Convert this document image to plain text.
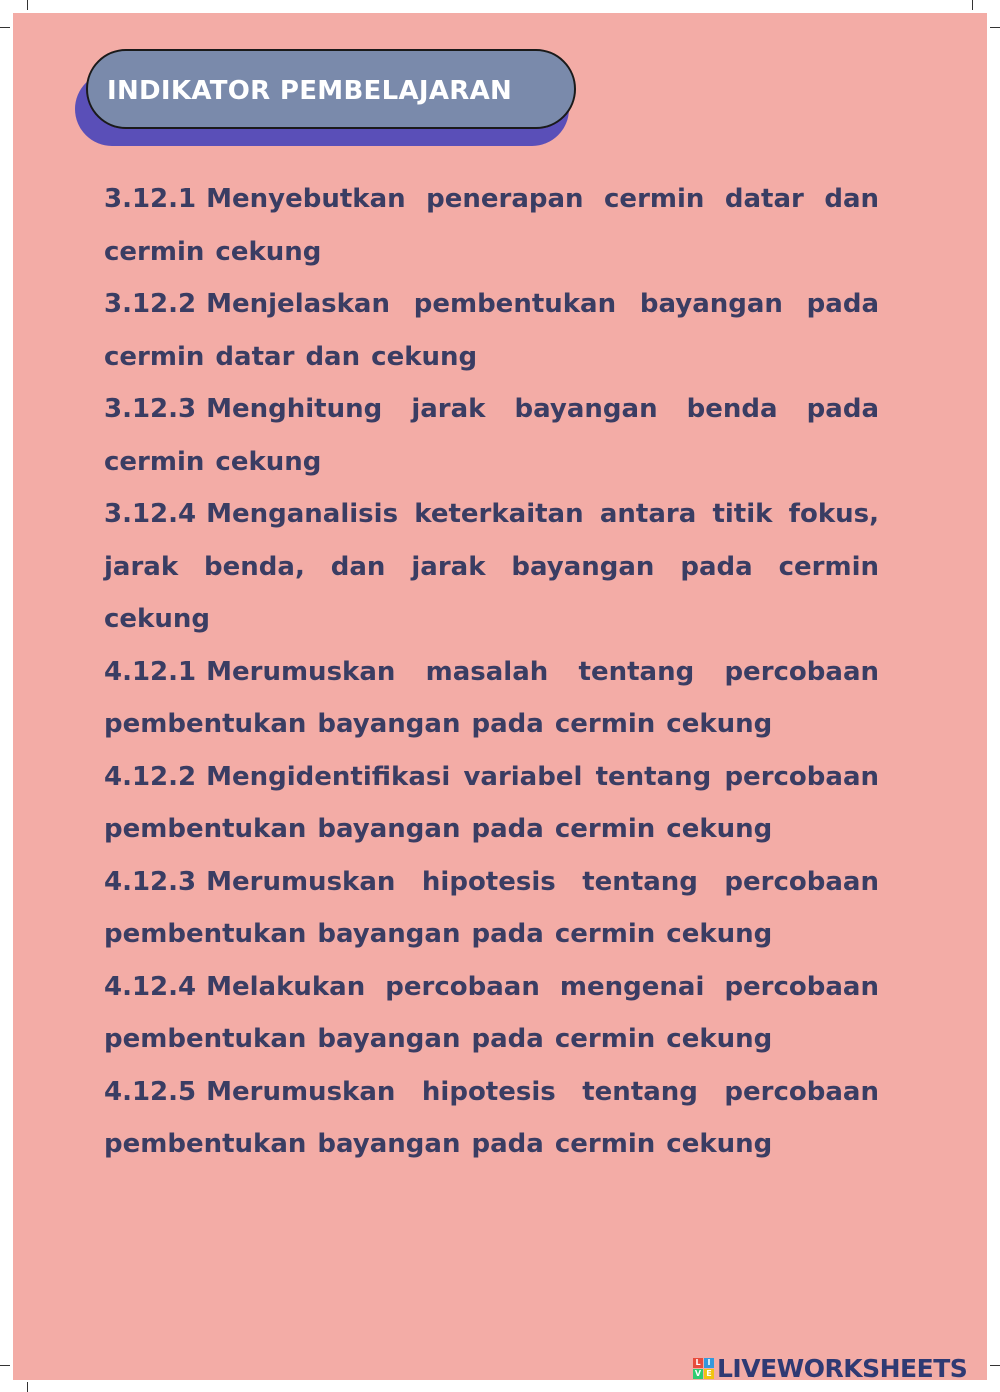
INDIKATOR PEMBELAJARAN
3.12.1 Menyebutkan penerapan cermin datar dan cermin cekung
3.12.2 Menjelaskan pembentukan bayangan pada cermin datar dan cekung
3.12.3 Menghitung jarak bayangan benda pada cermin cekung
3.12.4 Menganalisis keterkaitan antara titik fokus, jarak benda, dan jarak bayangan pada cermin cekung
4.12.1 Merumuskan masalah tentang percobaan pembentukan bayangan pada cermin cekung
4.12.2 Mengidentifikasi variabel tentang percobaan pembentukan bayangan pada cermin cekung
4.12.3 Merumuskan hipotesis tentang percobaan pembentukan bayangan pada cermin cekung
4.12.4 Melakukan percobaan mengenai percobaan pembentukan bayangan pada cermin cekung
4.12.5 Merumuskan hipotesis tentang percobaan pembentukan bayangan pada cermin cekung
L I
V E LIVEWORKSHEETS
